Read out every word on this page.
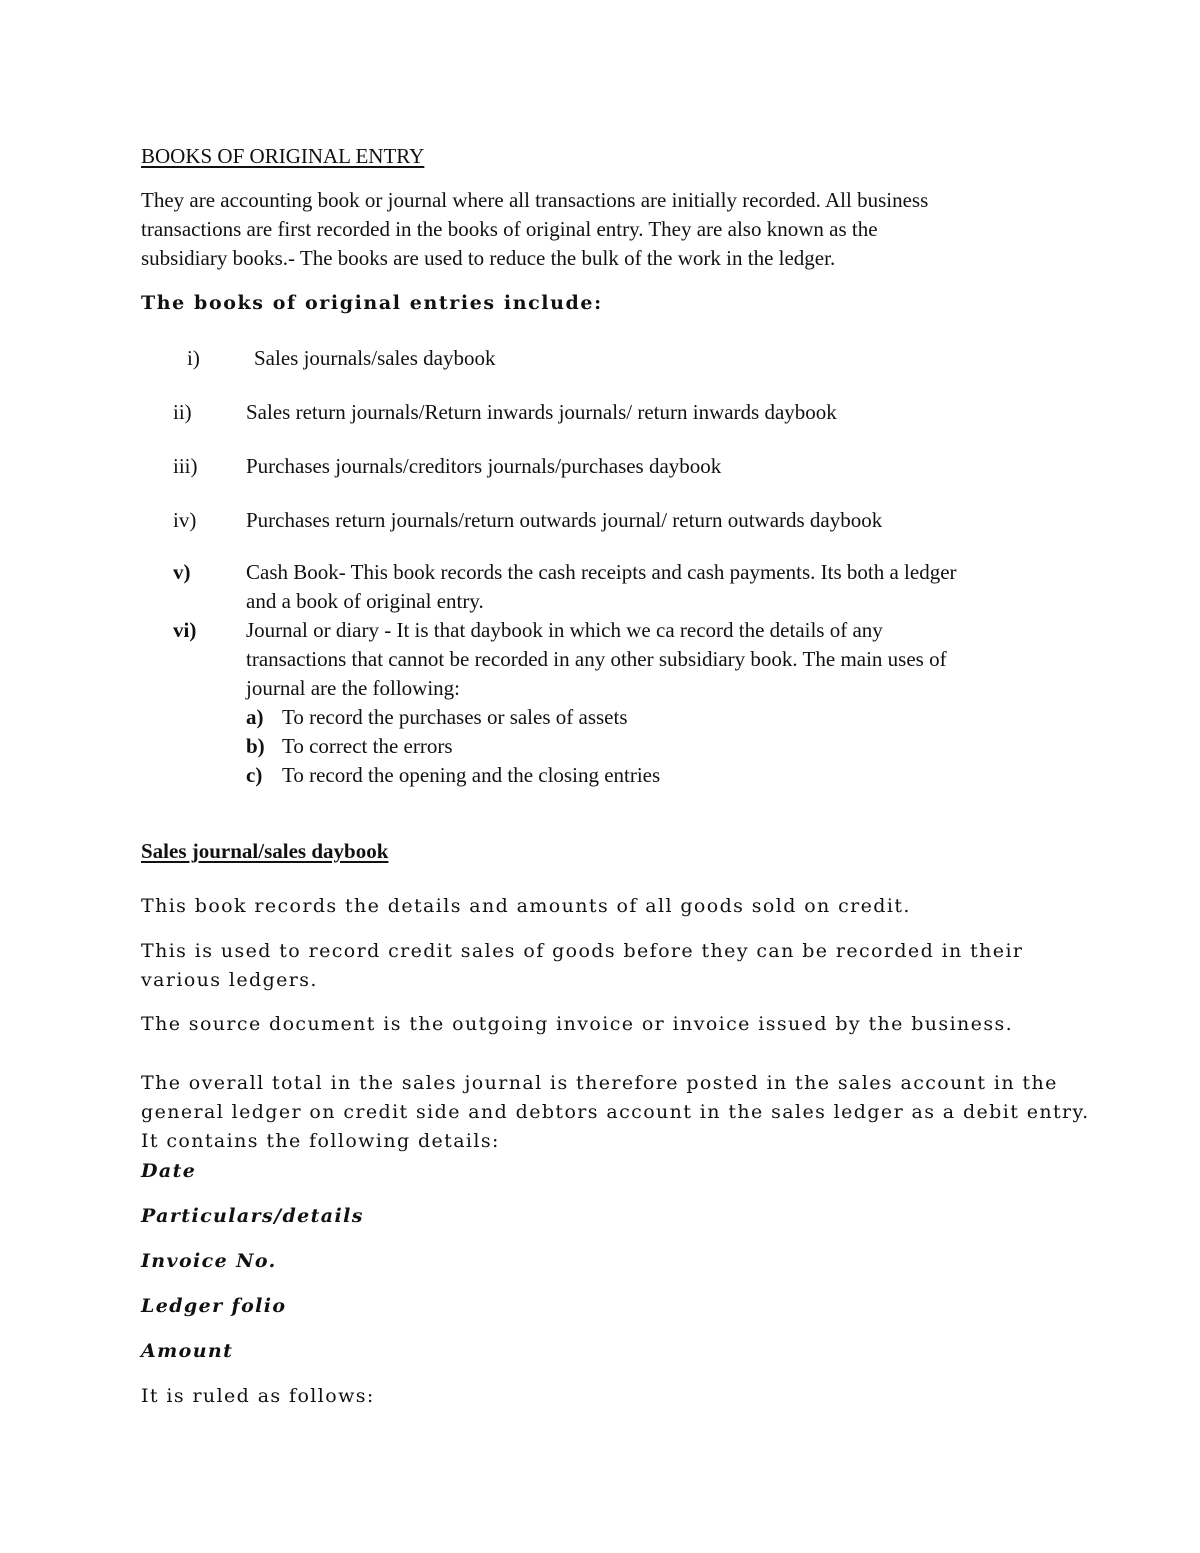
BOOKS OF ORIGINAL ENTRY
They are accounting book or journal where all transactions are initially recorded. All business
transactions are first recorded in the books of original entry. They are also known as the
subsidiary books.- The books are used to reduce the bulk of the work in the ledger.
The books of original entries include:
i)	Sales journals/sales daybook
ii)	Sales return journals/Return inwards journals/ return inwards daybook
iii) Purchases journals/creditors journals/purchases daybook
iv) Purchases return journals/return outwards journal/ return outwards daybook
v)	Cash Book- This book records the cash receipts and cash payments. Its both a ledger
and a book of original entry.
vi) Journal or diary - It is that daybook in which we ca record the details of any
transactions that cannot be recorded in any other subsidiary book. The main uses of
journal are the following:
a) To record the purchases or sales of assets
b) To correct the errors
c) To record the opening and the closing entries
Sales journal/sales daybook
This book records the details and amounts of all goods sold on credit.
This is used to record credit sales of goods before they can be recorded in their
various ledgers.
The source document is the outgoing invoice or invoice issued by the business.
The overall total in the sales journal is therefore posted in the sales account in the
general ledger on credit side and debtors account in the sales ledger as a debit entry.
It contains the following details:
Date
Particulars/details
Invoice No.
Ledger folio
Amount
It is ruled as follows:
